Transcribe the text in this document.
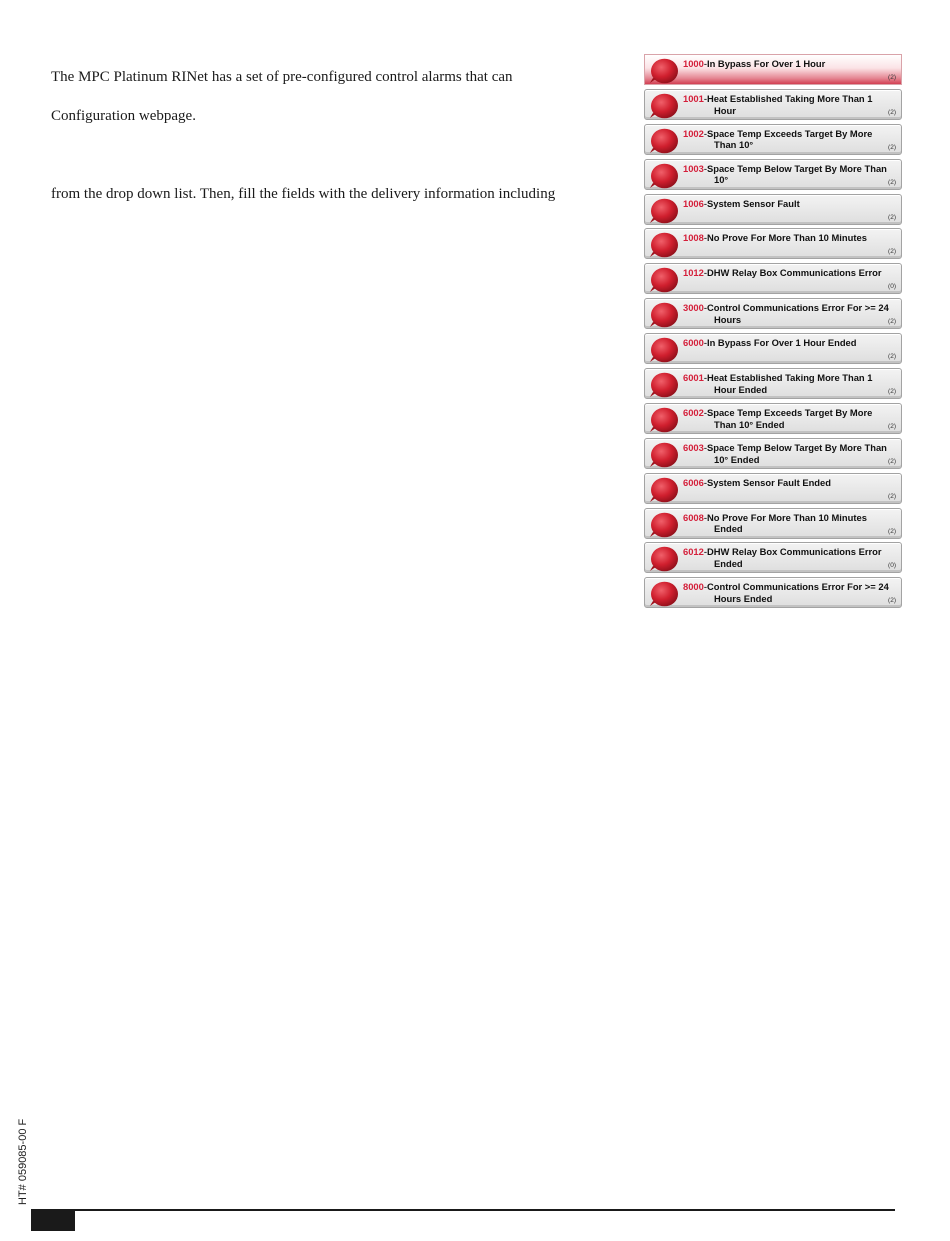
The MPC Platinum RINet has a set of pre-configured control alarms that can

Configuration webpage.

from the drop down list. Then, fill the fields with the delivery information including

1000 - In Bypass For Over 1 Hour
(2)
1001 - Heat Established Taking More Than 1
Hour	(2)
1002 - Space Temp Exceeds Target By More
Than 10°	(2)
1003 - Space Temp Below Target By More Than
10°	(2)
1006 - System Sensor Fault
(2)
1008 - No Prove For More Than 10 Minutes
(2)
1012 - DHW Relay Box Communications Error
(0)
3000 - Control Communications Error For >= 24
Hours	(2)
6000 - In Bypass For Over 1 Hour Ended
(2)
6001 - Heat Established Taking More Than 1
Hour Ended	(2)
6002 - Space Temp Exceeds Target By More
Than 10° Ended	(2)
6003 - Space Temp Below Target By More Than
10° Ended	(2)
6006 - System Sensor Fault Ended
(2)
6008 - No Prove For More Than 10 Minutes
Ended	(2)
6012 - DHW Relay Box Communications Error
Ended	(0)
8000 - Control Communications Error For >= 24
Hours Ended	(2)
HT# 059085-00 F
